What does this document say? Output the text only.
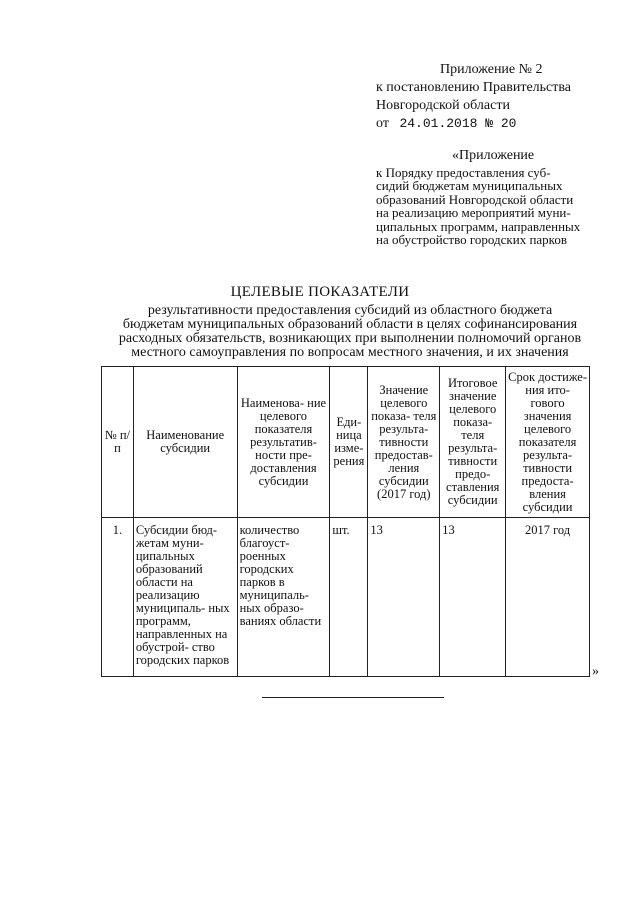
Приложение № 2
к постановлению Правительства
Новгородской области
от 24.01.2018 № 20
«Приложение
к Порядку предоставления суб-
сидий бюджетам муниципальных
образований Новгородской области
на реализацию мероприятий муни-
ципальных программ, направленных
на обустройство городских парков
ЦЕЛЕВЫЕ ПОКАЗАТЕЛИ
результативности предоставления субсидий из областного бюджета
бюджетам муниципальных образований области в целях софинансирования
расходных обязательств, возникающих при выполнении полномочий органов
местного самоуправления по вопросам местного значения, и их значения
№ п/п	Наименование субсидии	Наименова- ние целевого показателя результатив- ности пре- доставления субсидии	Еди- ница изме- рения	Значение целевого показа- теля результа- тивности предостав- ления субсидии (2017 год)	Итоговое значение целевого показа- теля результа- тивности предо- ставления субсидии	Срок достиже- ния ито- гового значения целевого показателя результа- тивности предоста- вления субсидии
1.	Субсидии бюд- жетам муни- ципальных образований области на реализацию муниципаль- ных программ, направленных на обустрой- ство городских парков	количество благоуст- роенных городских парков в муниципаль- ных образо- ваниях области	шт.	13	13	2017 год
»
